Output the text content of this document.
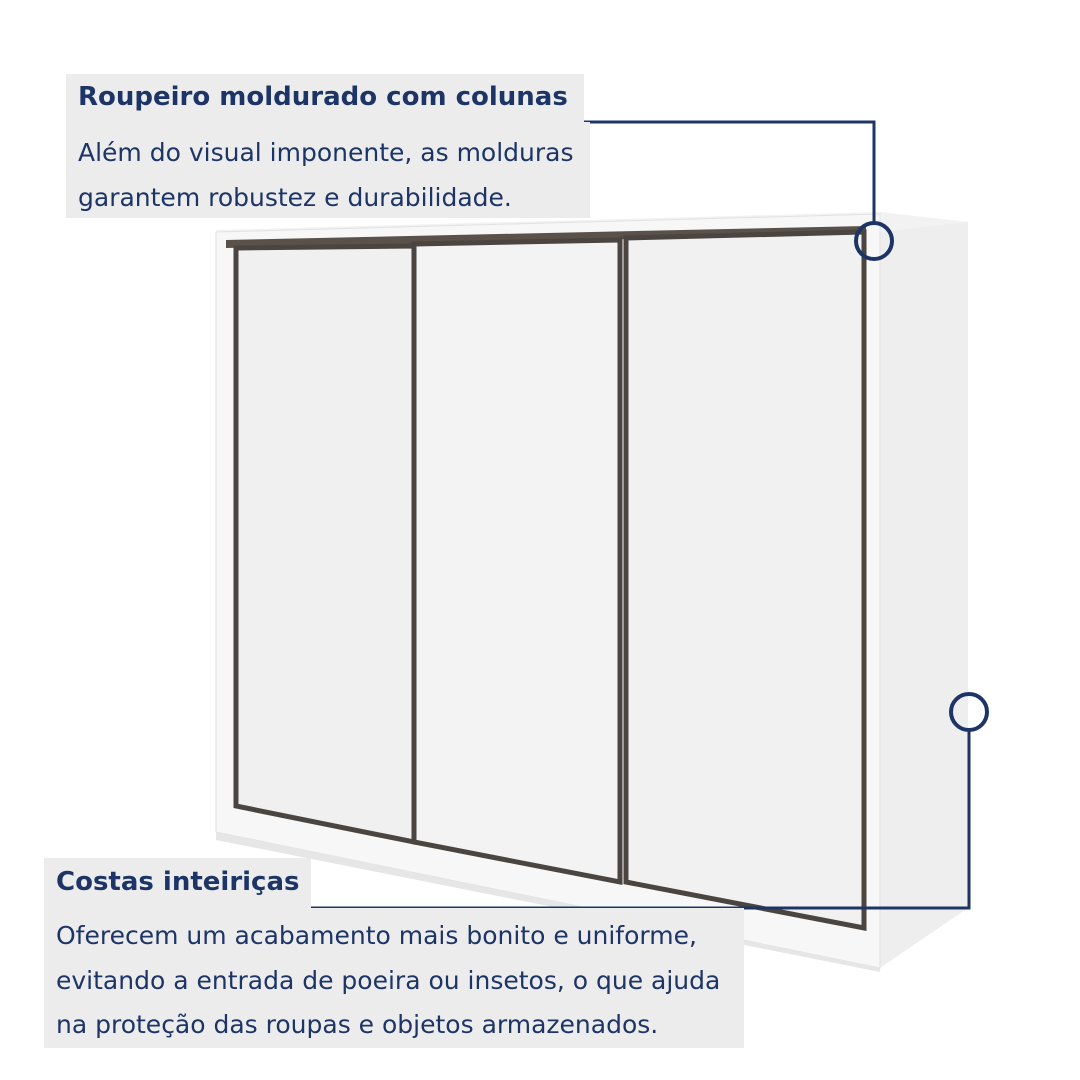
Roupeiro moldurado com colunas
Além do visual imponente, as molduras
garantem robustez e durabilidade.
Costas inteiriças
Oferecem um acabamento mais bonito e uniforme,
evitando a entrada de poeira ou insetos, o que ajuda
na proteção das roupas e objetos armazenados.
